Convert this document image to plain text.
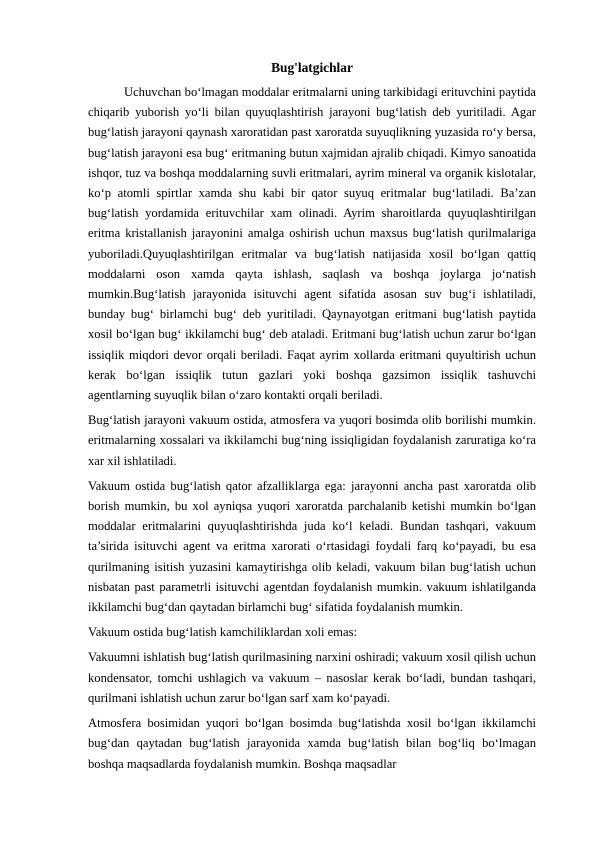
Bug'latgichlar

Uchuvchan bo‘lmagan moddalar eritmalarni uning tarkibidagi erituvchini paytida chiqarib yuborish yo‘li bilan quyuqlashtirish jarayoni bug‘latish deb yuritiladi. Agar bug‘latish jarayoni qaynash xaroratidan past xaroratda suyuqlikning yuzasida ro‘y bersa, bug‘latish jarayoni esa bug‘ eritmaning butun xajmidan ajralib chiqadi. Kimyo sanoatida ishqor, tuz va boshqa moddalarning suvli eritmalari, ayrim mineral va organik kislotalar, ko‘p atomli spirtlar xamda shu kabi bir qator suyuq eritmalar bug‘latiladi. Ba’zan bug‘latish yordamida erituvchilar xam olinadi. Ayrim sharoitlarda quyuqlashtirilgan eritma kristallanish jarayonini amalga oshirish uchun maxsus bug‘latish qurilmalariga yuboriladi.Quyuqlashtirilgan eritmalar va bug‘latish natijasida xosil bo‘lgan qattiq moddalarni oson xamda qayta ishlash, saqlash va boshqa joylarga jo‘natish mumkin.Bug‘latish jarayonida isituvchi agent sifatida asosan suv bug‘i ishlatiladi, bunday bug‘ birlamchi bug‘ deb yuritiladi. Qaynayotgan eritmani bug‘latish paytida xosil bo‘lgan bug‘ ikkilamchi bug‘ deb ataladi. Eritmani bug‘latish uchun zarur bo‘lgan issiqlik miqdori devor orqali beriladi. Faqat ayrim xollarda eritmani quyultirish uchun kerak bo‘lgan issiqlik tutun gazlari yoki boshqa gazsimon issiqlik tashuvchi agentlarning suyuqlik bilan o‘zaro kontakti orqali beriladi.

Bug‘latish jarayoni vakuum ostida, atmosfera va yuqori bosimda olib borilishi mumkin. eritmalarning xossalari va ikkilamchi bug‘ning issiqligidan foydalanish zaruratiga ko‘ra xar xil ishlatiladi.

Vakuum ostida bug‘latish qator afzalliklarga ega: jarayonni ancha past xaroratda olib borish mumkin, bu xol ayniqsa yuqori xaroratda parchalanib ketishi mumkin bo‘lgan moddalar eritmalarini quyuqlashtirishda juda ko‘l keladi. Bundan tashqari, vakuum ta’sirida isituvchi agent va eritma xarorati o‘rtasidagi foydali farq ko‘payadi, bu esa qurilmaning isitish yuzasini kamaytirishga olib keladi, vakuum bilan bug‘latish uchun nisbatan past parametrli isituvchi agentdan foydalanish mumkin. vakuum ishlatilganda ikkilamchi bug‘dan qaytadan birlamchi bug‘ sifatida foydalanish mumkin.

Vakuum ostida bug‘latish kamchiliklardan xoli emas:

Vakuumni ishlatish bug‘latish qurilmasining narxini oshiradi; vakuum xosil qilish uchun kondensator, tomchi ushlagich va vakuum – nasoslar kerak bo‘ladi, bundan tashqari, qurilmani ishlatish uchun zarur bo‘lgan sarf xam ko‘payadi.

Atmosfera bosimidan yuqori bo‘lgan bosimda bug‘latishda xosil bo‘lgan ikkilamchi bug‘dan qaytadan bug‘latish jarayonida xamda bug‘latish bilan bog‘liq bo‘lmagan boshqa maqsadlarda foydalanish mumkin. Boshqa maqsadlar
